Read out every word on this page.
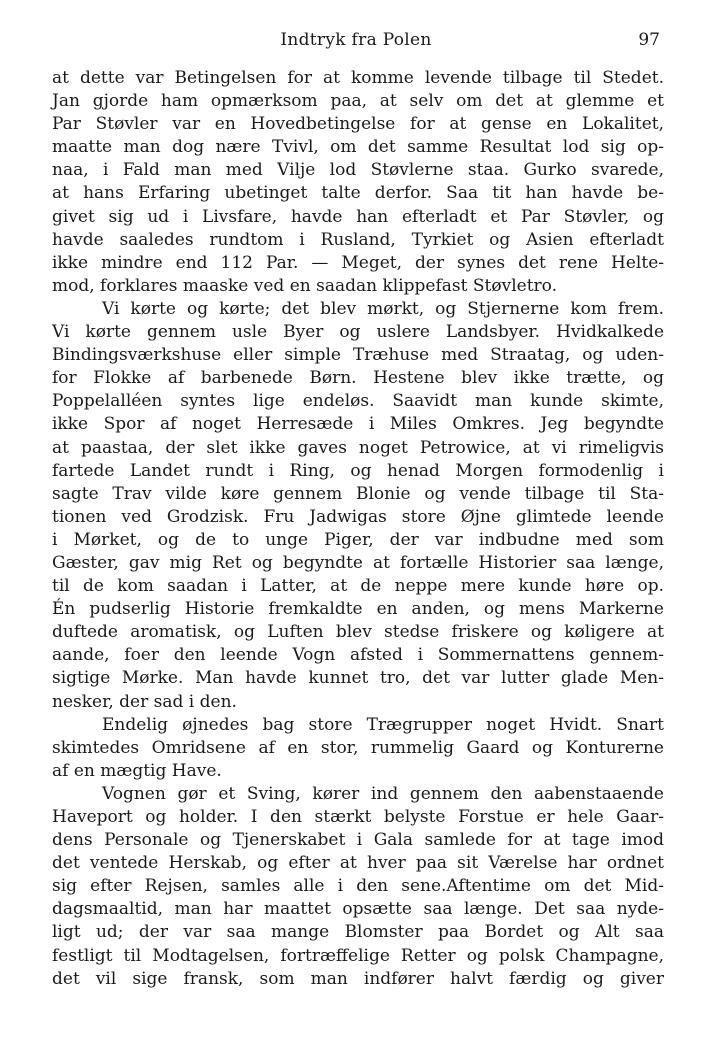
Indtryk fra Polen	97
at dette var Betingelsen for at komme levende tilbage til Stedet.
Jan gjorde ham opmærksom paa, at selv om det at glemme et
Par Støvler var en Hovedbetingelse for at gense en Lokalitet,
maatte man dog nære Tvivl, om det samme Resultat lod sig op-
naa, i Fald man med Vilje lod Støvlerne staa. Gurko svarede,
at hans Erfaring ubetinget talte derfor. Saa tit han havde be-
givet sig ud i Livsfare, havde han efterladt et Par Støvler, og
havde saaledes rundtom i Rusland, Tyrkiet og Asien efterladt
ikke mindre end 112 Par. — Meget, der synes det rene Helte-
mod, forklares maaske ved en saadan klippefast Støvletro.
Vi kørte og kørte; det blev mørkt, og Stjernerne kom frem.
Vi kørte gennem usle Byer og uslere Landsbyer. Hvidkalkede
Bindingsværkshuse eller simple Træhuse med Straatag, og uden-
for Flokke af barbenede Børn. Hestene blev ikke trætte, og
Poppelalléen syntes lige endeløs. Saavidt man kunde skimte,
ikke Spor af noget Herresæde i Miles Omkres. Jeg begyndte
at paastaa, der slet ikke gaves noget Petrowice, at vi rimeligvis
fartede Landet rundt i Ring, og henad Morgen formodenlig i
sagte Trav vilde køre gennem Blonie og vende tilbage til Sta-
tionen ved Grodzisk. Fru Jadwigas store Øjne glimtede leende
i Mørket, og de to unge Piger, der var indbudne med som
Gæster, gav mig Ret og begyndte at fortælle Historier saa længe,
til de kom saadan i Latter, at de neppe mere kunde høre op.
Én pudserlig Historie fremkaldte en anden, og mens Markerne
duftede aromatisk, og Luften blev stedse friskere og køligere at
aande, foer den leende Vogn afsted i Sommernattens gennem-
sigtige Mørke. Man havde kunnet tro, det var lutter glade Men-
nesker, der sad i den.
Endelig øjnedes bag store Trægrupper noget Hvidt. Snart
skimtedes Omridsene af en stor, rummelig Gaard og Konturerne
af en mægtig Have.
Vognen gør et Sving, kører ind gennem den aabenstaaende
Haveport og holder. I den stærkt belyste Forstue er hele Gaar-
dens Personale og Tjenerskabet i Gala samlede for at tage imod
det ventede Herskab, og efter at hver paa sit Værelse har ordnet
sig efter Rejsen, samles alle i den sene.Aftentime om det Mid-
dagsmaaltid, man har maattet opsætte saa længe. Det saa nyde-
ligt ud; der var saa mange Blomster paa Bordet og Alt saa
festligt til Modtagelsen, fortræffelige Retter og polsk Champagne,
det vil sige fransk, som man indfører halvt færdig og giver
